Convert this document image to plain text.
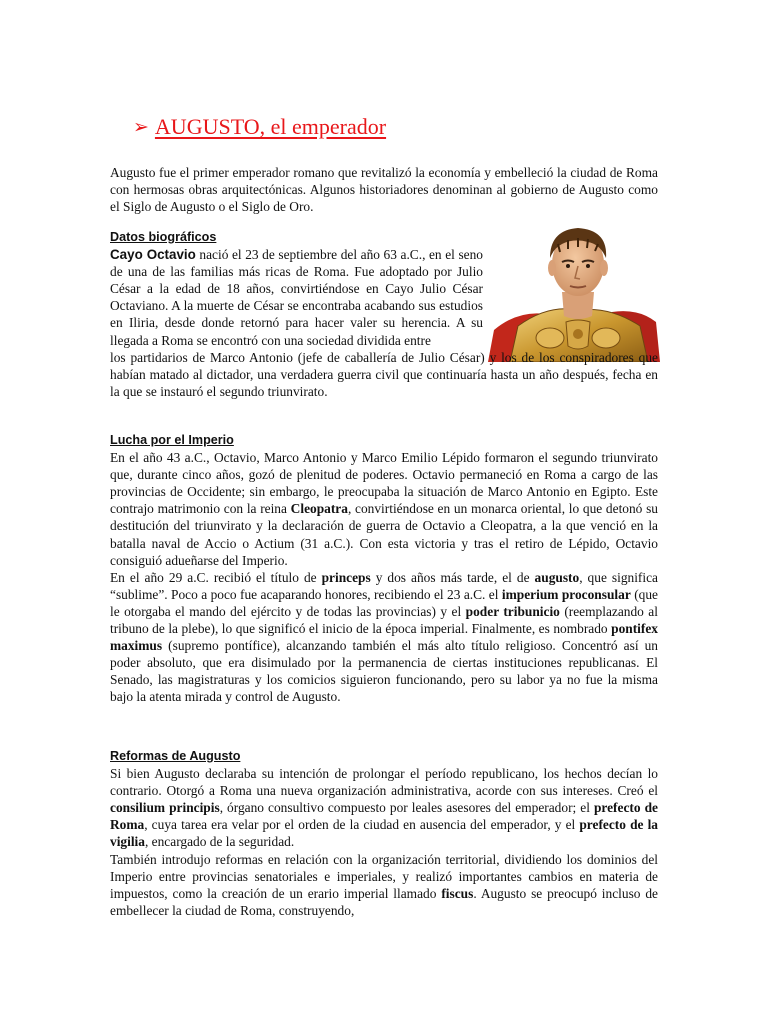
➢ AUGUSTO, el emperador

Augusto fue el primer emperador romano que revitalizó la economía y embelleció la ciudad de Roma con hermosas obras arquitectónicas. Algunos historiadores denominan al gobierno de Augusto como el Siglo de Augusto o el Siglo de Oro.

Datos biográficos

Cayo Octavio nació el 23 de septiembre del año 63 a.C., en el seno de una de las familias más ricas de Roma. Fue adoptado por Julio César a la edad de 18 años, convirtiéndose en Cayo Julio César Octaviano. A la muerte de César se encontraba acabando sus estudios en Iliria, desde donde retornó para hacer valer su herencia. A su llegada a Roma se encontró con una sociedad dividida entre

los partidarios de Marco Antonio (jefe de caballería de Julio César) y los de los conspiradores que habían matado al dictador, una verdadera guerra civil que continuaría hasta un año después, fecha en la que se instauró el segundo triunvirato.

Lucha por el Imperio

En el año 43 a.C., Octavio, Marco Antonio y Marco Emilio Lépido formaron el segundo triunvirato que, durante cinco años, gozó de plenitud de poderes. Octavio permaneció en Roma a cargo de las provincias de Occidente; sin embargo, le preocupaba la situación de Marco Antonio en Egipto. Este contrajo matrimonio con la reina Cleopatra, convirtiéndose en un monarca oriental, lo que detonó su destitución del triunvirato y la declaración de guerra de Octavio a Cleopatra, a la que venció en la batalla naval de Accio o Actium (31 a.C.). Con esta victoria y tras el retiro de Lépido, Octavio consiguió adueñarse del Imperio.

En el año 29 a.C. recibió el título de princeps y dos años más tarde, el de augusto, que significa “sublime”. Poco a poco fue acaparando honores, recibiendo el 23 a.C. el imperium proconsular (que le otorgaba el mando del ejército y de todas las provincias) y el poder tribunicio (reemplazando al tribuno de la plebe), lo que significó el inicio de la época imperial. Finalmente, es nombrado pontifex maximus (supremo pontífice), alcanzando también el más alto título religioso. Concentró así un poder absoluto, que era disimulado por la permanencia de ciertas instituciones republicanas. El Senado, las magistraturas y los comicios siguieron funcionando, pero su labor ya no fue la misma bajo la atenta mirada y control de Augusto.

Reformas de Augusto

Si bien Augusto declaraba su intención de prolongar el período republicano, los hechos decían lo contrario. Otorgó a Roma una nueva organización administrativa, acorde con sus intereses. Creó el consilium principis, órgano consultivo compuesto por leales asesores del emperador; el prefecto de Roma, cuya tarea era velar por el orden de la ciudad en ausencia del emperador, y el prefecto de la vigilia, encargado de la seguridad.

También introdujo reformas en relación con la organización territorial, dividiendo los dominios del Imperio entre provincias senatoriales e imperiales, y realizó importantes cambios en materia de impuestos, como la creación de un erario imperial llamado fiscus. Augusto se preocupó incluso de embellecer la ciudad de Roma, construyendo,
